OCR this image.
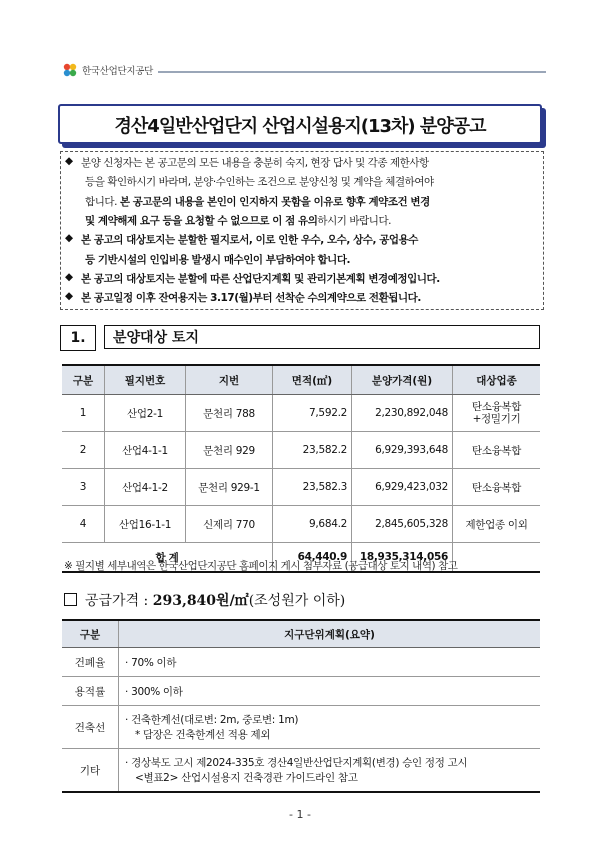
한국산업단지공단
경산4일반산업단지 산업시설용지(13차) 분양공고
◆ 분양 신청자는 본 공고문의 모든 내용을 충분히 숙지, 현장 답사 및 각종 제한사항
등을 확인하시기 바라며, 분양·수인하는 조건으로 분양신청 및 계약을 체결하여야
합니다. 본 공고문의 내용을 본인이 인지하지 못함을 이유로 향후 계약조건 변경
및 계약해제 요구 등을 요청할 수 없으므로 이 점 유의하시기 바랍니다.
◆ 본 공고의 대상토지는 분할한 필지로서, 이로 인한 우수, 오수, 상수, 공업용수
등 기반시설의 인입비용 발생시 매수인이 부담하여야 합니다.
◆ 본 공고의 대상토지는 분할에 따른 산업단지계획 및 관리기본계획 변경예정입니다.
◆ 본 공고일정 이후 잔여용지는 3.17(월)부터 선착순 수의계약으로 전환됩니다.
1.	분양대상 토지
구분	필지번호	지번	면적(㎡)	분양가격(원)	대상업종
1	산업2-1	문천리 788	7,592.2	2,230,892,048	탄소융복합
+정밀기기
2	산업4-1-1	문천리 929	23,582.2	6,929,393,648	탄소융복합
3	산업4-1-2	문천리 929-1	23,582.3	6,929,423,032	탄소융복합
4	산업16-1-1	신제리 770	9,684.2	2,845,605,328	제한업종 이외
합 계			64,440.9	18,935,314,056	
※ 필지별 세부내역은 한국산업단지공단 홈페이지 게시 첨부자료 (공급대상 토지 내역) 참고
공급가격 : 293,840원/㎡(조성원가 이하)
구분	지구단위계획(요약)
건폐율	· 70% 이하

용적률	· 300% 이하

건축선	· 건축한계선(대로변: 2m, 중로변: 1m)
* 담장은 건축한계선 적용 제외

기타	· 경상북도 고시 제2024-335호 경산4일반산업단지계획(변경) 승인 정정 고시
<별표2> 산업시설용지 건축경관 가이드라인 참고
- 1 -
